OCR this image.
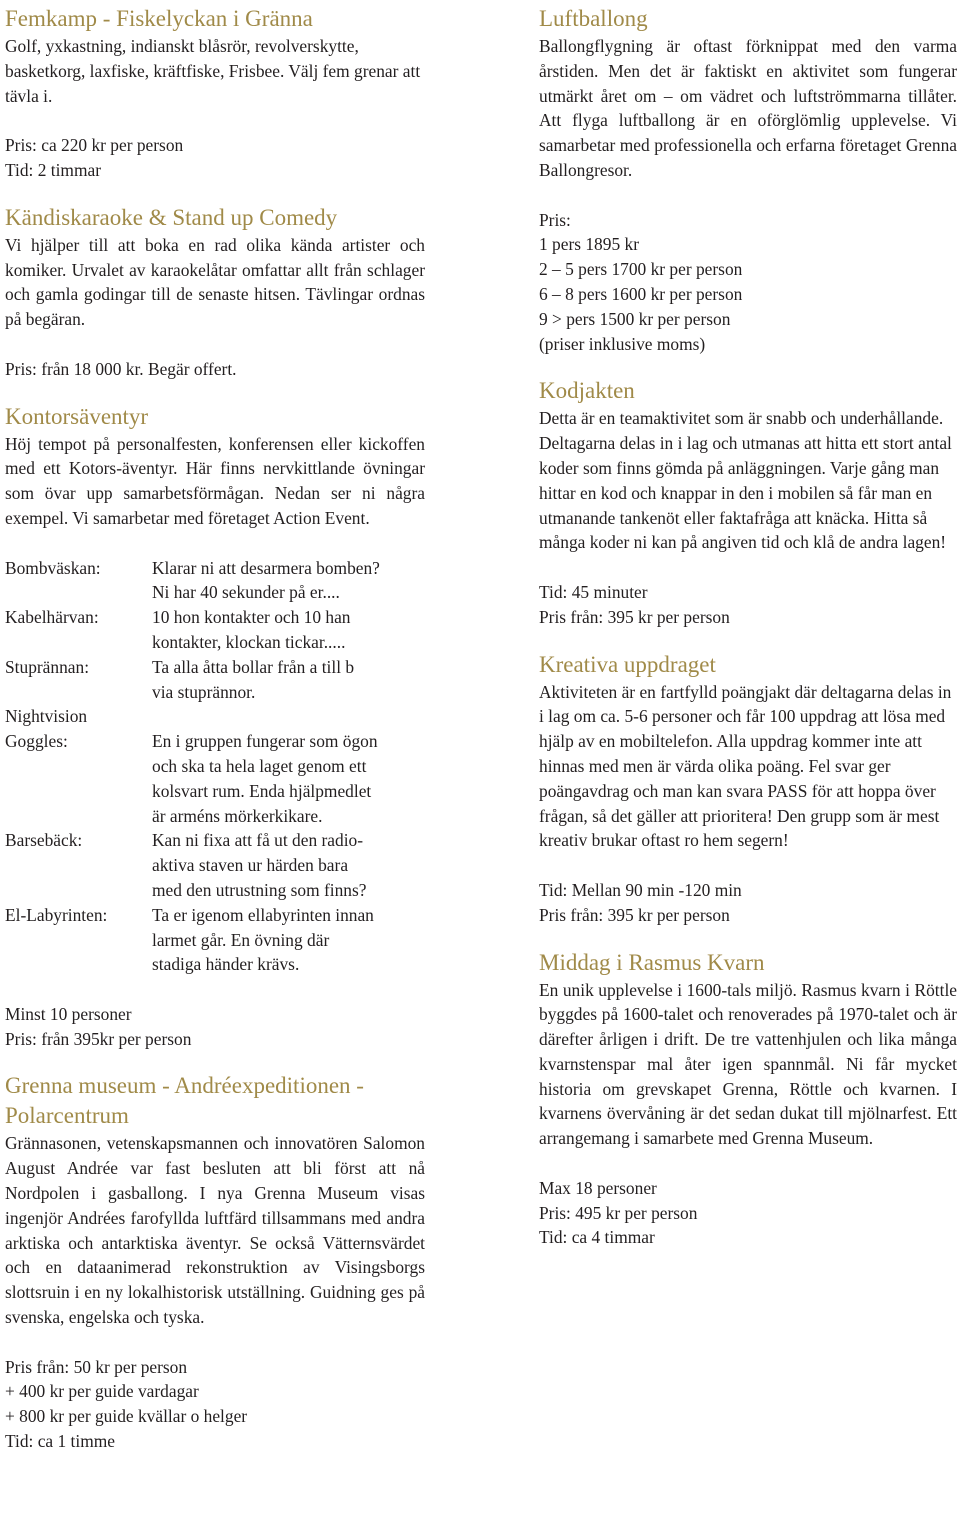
Femkamp - Fiskelyckan i Gränna

Golf, yxkastning, indianskt blåsrör, revolverskytte, basketkorg, laxfiske, kräftfiske, Frisbee. Välj fem grenar att tävla i.

Pris: ca 220 kr per person

Tid: 2 timmar

Kändiskaraoke & Stand up Comedy

Vi hjälper till att boka en rad olika kända artister och komiker. Urvalet av karaokelåtar omfattar allt från schlager och gamla godingar till de senaste hitsen. Tävlingar ordnas på begäran.

Pris: från 18 000 kr. Begär offert.

Kontorsäventyr

Höj tempot på personalfesten, konferensen eller kickoffen med ett Kotors-äventyr. Här finns nervkittlande övningar som övar upp samarbetsförmågan. Nedan ser ni några exempel. Vi samarbetar med företaget Action Event.

Bombväskan:	Klarar ni att desarmera bomben?
Ni har 40 sekunder på er....
Kabelhärvan:	10 hon kontakter och 10 han
kontakter, klockan tickar.....
Stuprännan:	Ta alla åtta bollar från a till b
via stuprännor.
Nightvision
Goggles:
	En i gruppen fungerar som ögon
och ska ta hela laget genom ett
kolsvart rum. Enda hjälpmedlet
är arméns mörkerkikare.
Barsebäck:	Kan ni fixa att få ut den radio-
aktiva staven ur härden bara
med den utrustning som finns?
El-Labyrinten:	Ta er igenom ellabyrinten innan
larmet går. En övning där
stadiga händer krävs.

Minst 10 personer

Pris: från 395kr per person

Grenna museum - Andréexpeditionen -
Polarcentrum

Grännasonen, vetenskapsmannen och innovatören Salomon August Andrée var fast besluten att bli först att nå Nordpolen i gasballong. I nya Grenna Museum visas ingenjör Andrées farofyllda luftfärd tillsammans med andra arktiska och antarktiska äventyr. Se också Vätternsvärdet och en dataanimerad rekonstruktion av Visingsborgs slottsruin i en ny lokalhistorisk utställning. Guidning ges på svenska, engelska och tyska.

Pris från: 50 kr per person

+ 400 kr per guide vardagar

+ 800 kr per guide kvällar o helger

Tid: ca 1 timme

Luftballong

Ballongflygning är oftast förknippat med den varma årstiden. Men det är faktiskt en aktivitet som fungerar utmärkt året om – om vädret och luftströmmarna tillåter. Att flyga luftballong är en oförglömlig upplevelse. Vi samarbetar med professionella och erfarna företaget Grenna Ballongresor.

Pris:

1 pers 1895 kr

2 – 5 pers 1700 kr per person

6 – 8 pers 1600 kr per person

9 > pers 1500 kr per person

(priser inklusive moms)

Kodjakten

Detta är en teamaktivitet som är snabb och underhållande. Deltagarna delas in i lag och utmanas att hitta ett stort antal koder som finns gömda på anläggningen. Varje gång man hittar en kod och knappar in den i mobilen så får man en utmanande tankenöt eller faktafråga att knäcka. Hitta så många koder ni kan på angiven tid och klå de andra lagen!

Tid: 45 minuter

Pris från: 395 kr per person

Kreativa uppdraget

Aktiviteten är en fartfylld poängjakt där deltagarna delas in i lag om ca. 5-6 personer och får 100 uppdrag att lösa med hjälp av en mobiltelefon. Alla uppdrag kommer inte att hinnas med men är värda olika poäng. Fel svar ger poängavdrag och man kan svara PASS för att hoppa över frågan, så det gäller att prioritera! Den grupp som är mest kreativ brukar oftast ro hem segern!

Tid: Mellan 90 min -120 min

Pris från: 395 kr per person

Middag i Rasmus Kvarn

En unik upplevelse i 1600-tals miljö. Rasmus kvarn i Röttle byggdes på 1600-talet och renoverades på 1970-talet och är därefter årligen i drift. De tre vattenhjulen och lika många kvarnstenspar mal åter igen spannmål. Ni får mycket historia om grevskapet Grenna, Röttle och kvarnen. I kvarnens övervåning är det sedan dukat till mjölnarfest. Ett arrangemang i samarbete med Grenna Museum.

Max 18 personer

Pris: 495 kr per person

Tid: ca 4 timmar
